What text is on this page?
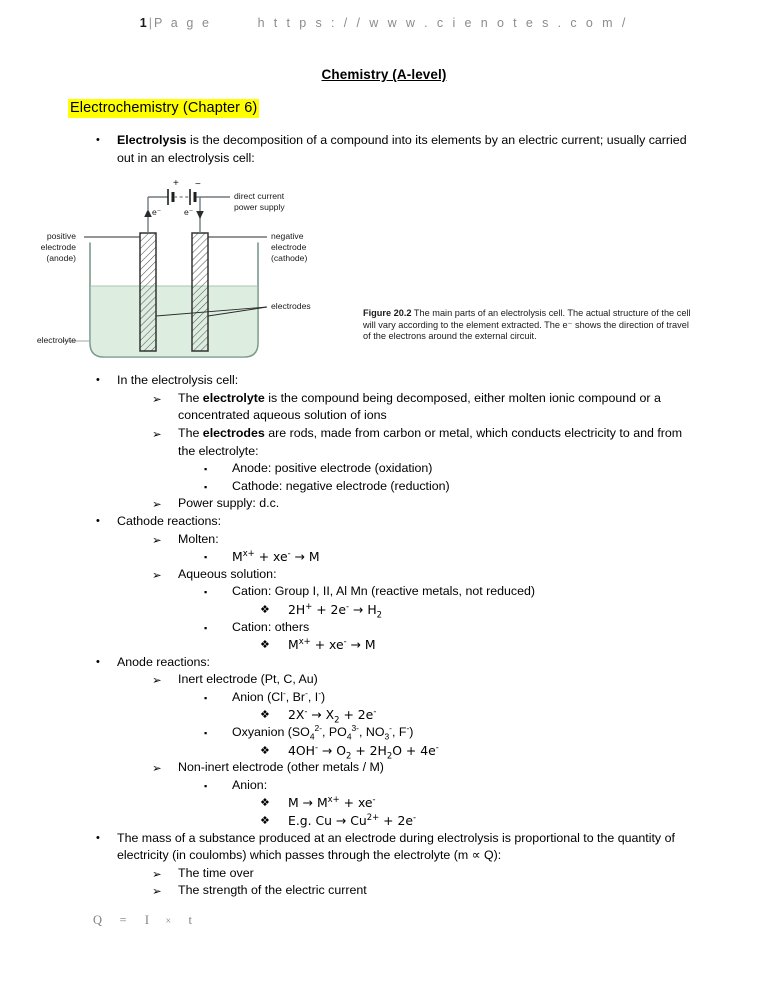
1 | P a g e	h t t p s : / / w w w . c i e n o t e s . c o m /
Chemistry (A-level)
Electrochemistry (Chapter 6)
•	Electrolysis is the decomposition of a compound into its elements by an electric current; usually carried out in an electrolysis cell:
•	In the electrolysis cell:
➢	The electrolyte is the compound being decomposed, either molten ionic compound or a concentrated aqueous solution of ions
➢	The electrodes are rods, made from carbon or metal, which conducts electricity to and from the electrolyte:
▪	Anode: positive electrode (oxidation)
▪	Cathode: negative electrode (reduction)
➢	Power supply: d.c.
•	Cathode reactions:
➢	Molten:
▪	$M^{x+} + xe^- \to M$
➢	Aqueous solution:
▪	Cation: Group I, II, Al Mn (reactive metals, not reduced)
❖	$2H^+ + 2e^- \to H_2$
▪	Cation: others
❖	$M^{x+} + xe^- \to M$
•	Anode reactions:
➢	Inert electrode (Pt, C, Au)
▪	Anion (Cl-, Br-, I-)
❖	$2X^- \to X_2 + 2e^-$
▪	Oxyanion ($SO_4^{2-}$, $PO_4^{3-}$, $NO_3^-$, F-)
❖	$4OH^- \to O_2 + 2H_2O + 4e^-$
➢	Non-inert electrode (other metals / M)
▪	Anion:
❖	$M \to M^{x+} + xe^-$
❖	E.g. $Cu \to Cu^{2+} + 2e^-$
•	The mass of a substance produced at an electrode during electrolysis is proportional to the quantity of electricity (in coulombs) which passes through the electrolyte (m ∝ Q):
➢	The time over
➢	The strength of the electric current
+ −
e⁻	e⁻
direct current
power supply
positive
electrode
(anode)
negative
electrode
(cathode)
electrodes
electrolyte
Figure 20.2 The main parts of an electrolysis cell. The actual structure of the cell will vary according to the element extracted. The e⁻ shows the direction of travel of the electrons around the external circuit.
Q = I × t
